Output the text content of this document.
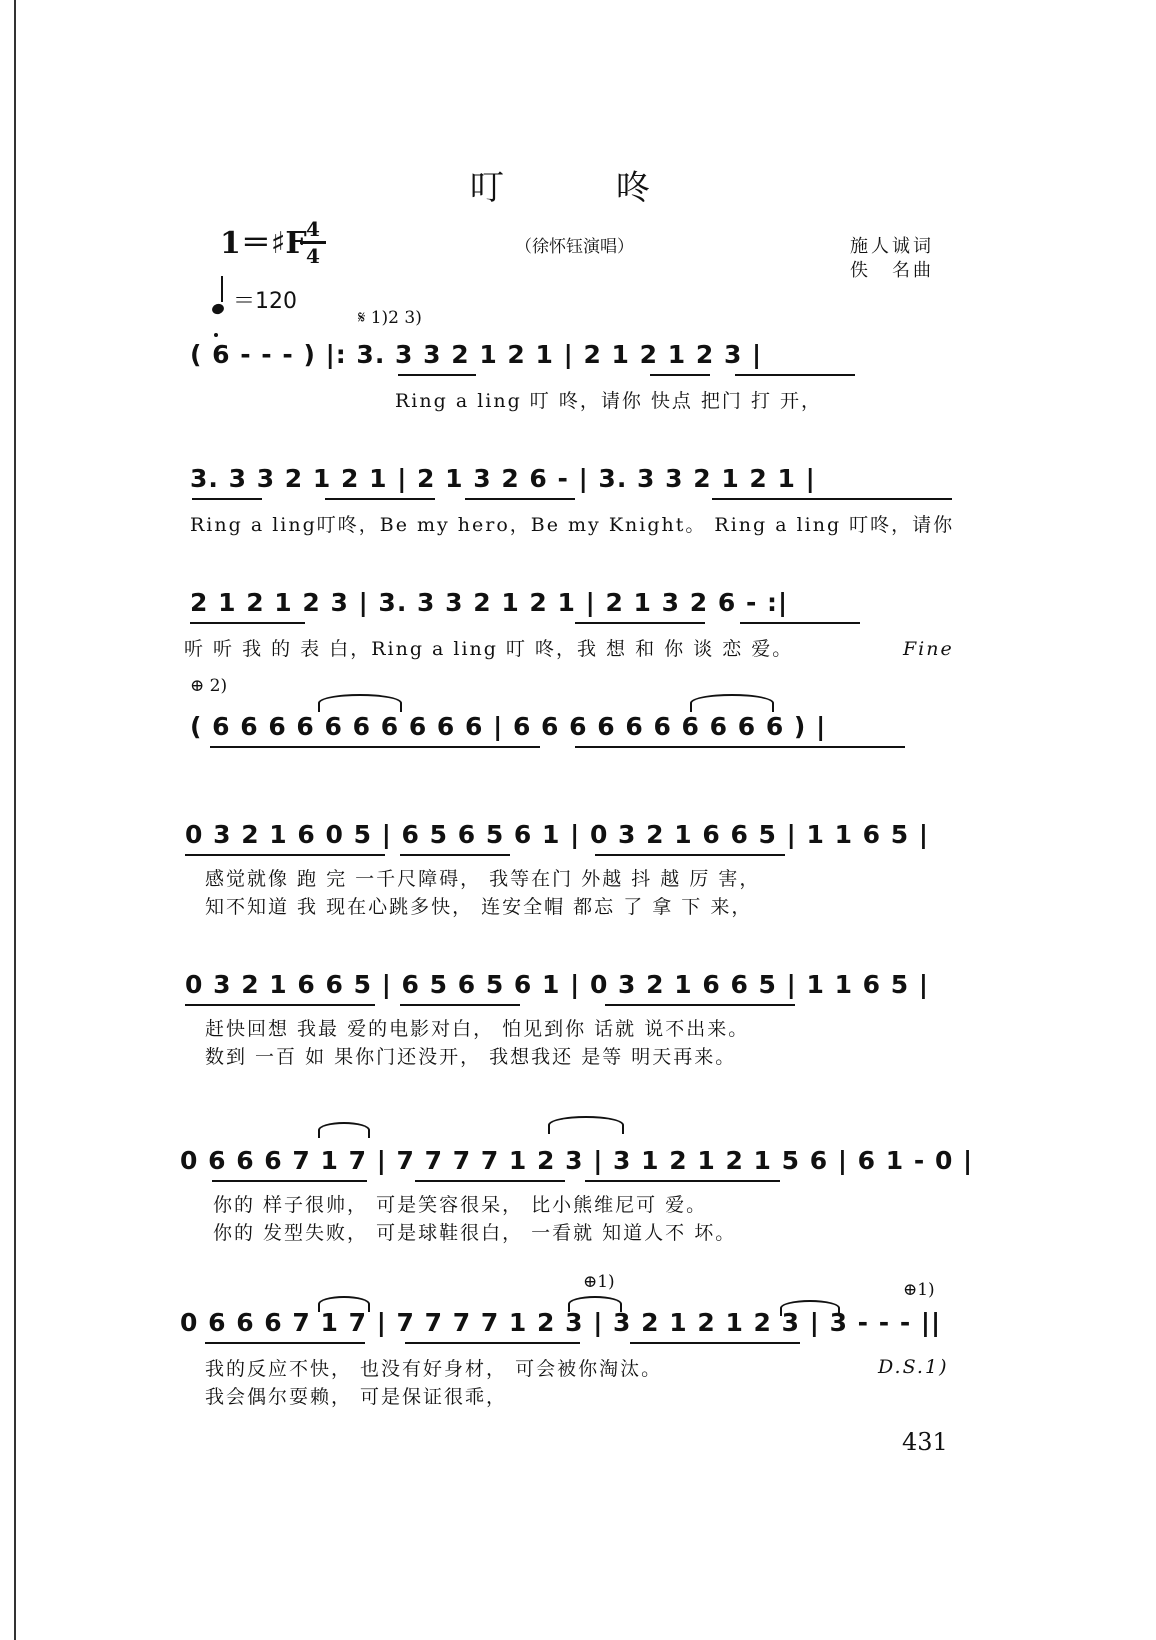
叮	咚
1＝♯F 4
4
＝120
（徐怀钰演唱）	施人诚词
佚　名曲
𝄋 1)2 3)
( 6 - - - ) |: 3. 3 3 2 1 2 1 | 2 1 2 1 2 3 |
Ring a ling 叮 咚，请你 快点 把门 打 开，
3. 3 3 2 1 2 1 | 2 1 3 2 6 - | 3. 3 3 2 1 2 1 |
Ring a ling叮咚，Be my hero，Be my Knight。 Ring a ling 叮咚，请你
2 1 2 1 2 3 | 3. 3 3 2 1 2 1 | 2 1 3 2 6 - :|
听 听 我 的 表 白，Ring a ling 叮 咚，我 想 和 你 谈 恋 爱。	Fine
⊕ 2)
( 6 6 6 6 6 6 6 6 6 6 | 6 6 6 6 6 6 6 6 6 6 ) |
0 3 2 1 6 0 5 | 6 5 6 5 6 1 | 0 3 2 1 6 6 5 | 1 1 6 5 |
感觉就像 跑 完 一千尺障碍， 我等在门 外越 抖 越 厉 害，
知不知道 我 现在心跳多快， 连安全帽 都忘 了 拿 下 来，
0 3 2 1 6 6 5 | 6 5 6 5 6 1 | 0 3 2 1 6 6 5 | 1 1 6 5 |
赶快回想 我最 爱的电影对白， 怕见到你 话就 说不出来。
数到 一百 如 果你门还没开， 我想我还 是等 明天再来。
0 6 6 6 7 1 7 | 7 7 7 7 1 2 3 | 3 1 2 1 2 1 5 6 | 6 1 - 0 |
你的 样子很帅， 可是笑容很呆， 比小熊维尼可 爱。
你的 发型失败， 可是球鞋很白， 一看就 知道人不 坏。
⊕1)	⊕1)
0 6 6 6 7 1 7 | 7 7 7 7 1 2 3 | 3 2 1 2 1 2 3 | 3 - - - ||
我的反应不快， 也没有好身材， 可会被你淘汰。
我会偶尔耍赖， 可是保证很乖，
D.S.1)
431
